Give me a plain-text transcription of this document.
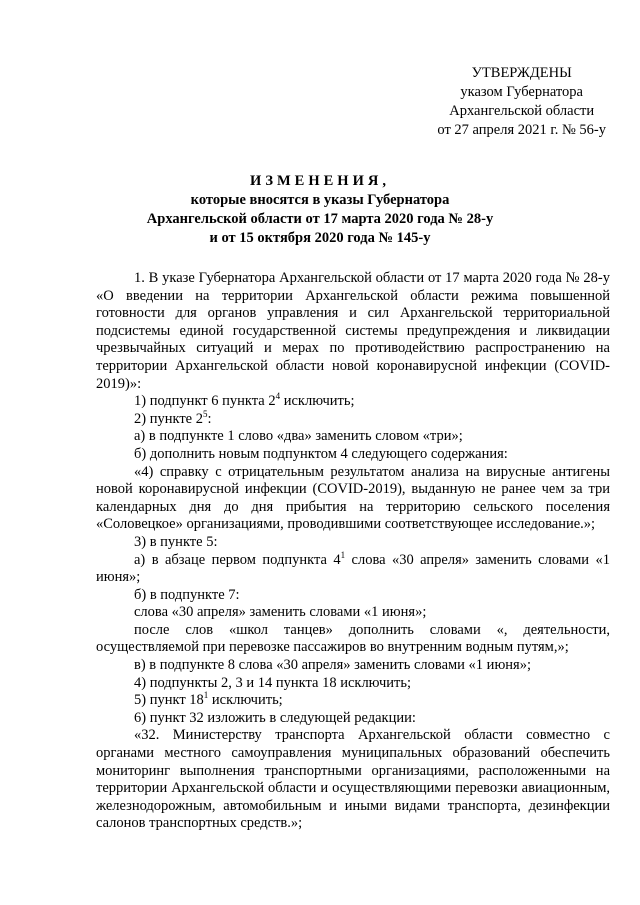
УТВЕРЖДЕНЫ
указом Губернатора
Архангельской области
от 27 апреля 2021 г. № 56-у
ИЗМЕНЕНИЯ,
которые вносятся в указы Губернатора
Архангельской области от 17 марта 2020 года № 28-у
и от 15 октября 2020 года № 145-у

1. В указе Губернатора Архангельской области от 17 марта 2020 года № 28-у «О введении на территории Архангельской области режима повышенной готовности для органов управления и сил Архангельской территориальной подсистемы единой государственной системы предупреждения и ликвидации чрезвычайных ситуаций и мерах по противодействию распространению на территории Архангельской области новой коронавирусной инфекции (COVID-2019)»:

1) подпункт 6 пункта $2^4$ исключить;

2) пункте $2^5$:

а) в подпункте 1 слово «два» заменить словом «три»;

б) дополнить новым подпунктом 4 следующего содержания:

«4) справку с отрицательным результатом анализа на вирусные антигены новой коронавирусной инфекции (COVID-2019), выданную не ранее чем за три календарных дня до дня прибытия на территорию сельского поселения «Соловецкое» организациями, проводившими соответствующее исследование.»;

3) в пункте 5:

а) в абзаце первом подпункта $4^1$ слова «30 апреля» заменить словами «1 июня»;

б) в подпункте 7:

слова «30 апреля» заменить словами «1 июня»;

после слов «школ танцев» дополнить словами «, деятельности, осуществляемой при перевозке пассажиров во внутренним водным путям,»;

в) в подпункте 8 слова «30 апреля» заменить словами «1 июня»;

4) подпункты 2, 3 и 14 пункта 18 исключить;

5) пункт $18^1$ исключить;

6) пункт 32 изложить в следующей редакции:

«32. Министерству транспорта Архангельской области совместно с органами местного самоуправления муниципальных образований обеспечить мониторинг выполнения транспортными организациями, расположенными на территории Архангельской области и осуществляющими перевозки авиационным, железнодорожным, автомобильным и иными видами транспорта, дезинфекции салонов транспортных средств.»;
